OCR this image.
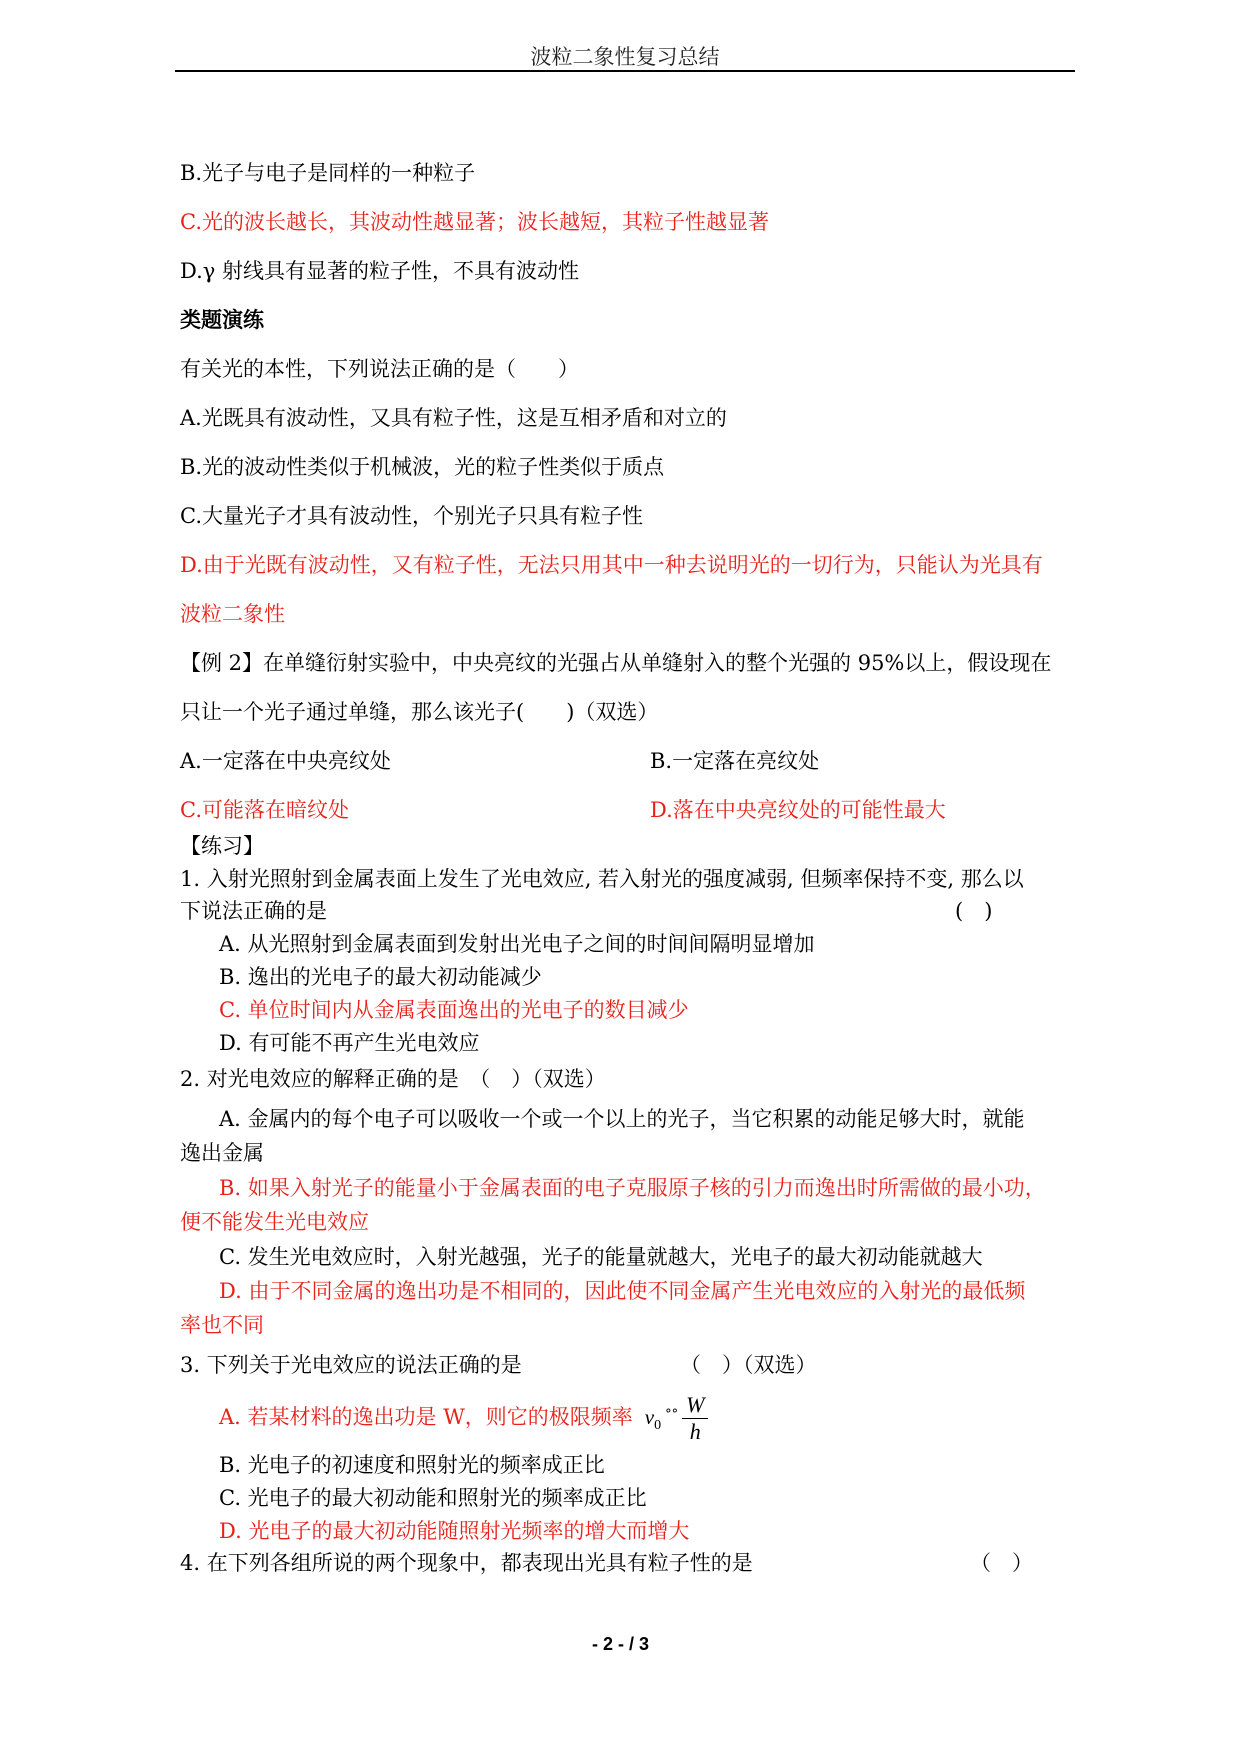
波粒二象性复习总结
B.光子与电子是同样的一种粒子
C.光的波长越长，其波动性越显著；波长越短，其粒子性越显著
D.γ 射线具有显著的粒子性，不具有波动性
类题演练
有关光的本性，下列说法正确的是（　　）
A.光既具有波动性，又具有粒子性，这是互相矛盾和对立的
B.光的波动性类似于机械波，光的粒子性类似于质点
C.大量光子才具有波动性，个别光子只具有粒子性
D.由于光既有波动性，又有粒子性，无法只用其中一种去说明光的一切行为，只能认为光具有
波粒二象性
【例 2】在单缝衍射实验中，中央亮纹的光强占从单缝射入的整个光强的 95%以上，假设现在
只让一个光子通过单缝，那么该光子(　　)（双选）
A.一定落在中央亮纹处	B.一定落在亮纹处
C.可能落在暗纹处	D.落在中央亮纹处的可能性最大
【练习】
1. 入射光照射到金属表面上发生了光电效应, 若入射光的强度减弱, 但频率保持不变, 那么以
下说法正确的是	(　)
A. 从光照射到金属表面到发射出光电子之间的时间间隔明显增加
B. 逸出的光电子的最大初动能减少
C. 单位时间内从金属表面逸出的光电子的数目减少
D. 有可能不再产生光电效应
2. 对光电效应的解释正确的是　（　）（双选）
A. 金属内的每个电子可以吸收一个或一个以上的光子，当它积累的动能足够大时，就能
逸出金属
B. 如果入射光子的能量小于金属表面的电子克服原子核的引力而逸出时所需做的最小功，
便不能发生光电效应
C. 发生光电效应时，入射光越强，光子的能量就越大，光电子的最大初动能就越大
D. 由于不同金属的逸出功是不相同的，因此使不同金属产生光电效应的入射光的最低频
率也不同
3. 下列关于光电效应的说法正确的是	（　）（双选）
A. 若某材料的逸出功是 W，则它的极限频率 $v_0^{^\circ^\circ} \frac{W}{h}$
B. 光电子的初速度和照射光的频率成正比
C. 光电子的最大初动能和照射光的频率成正比
D. 光电子的最大初动能随照射光频率的增大而增大
4. 在下列各组所说的两个现象中，都表现出光具有粒子性的是	（　）
- 2 - / 3
